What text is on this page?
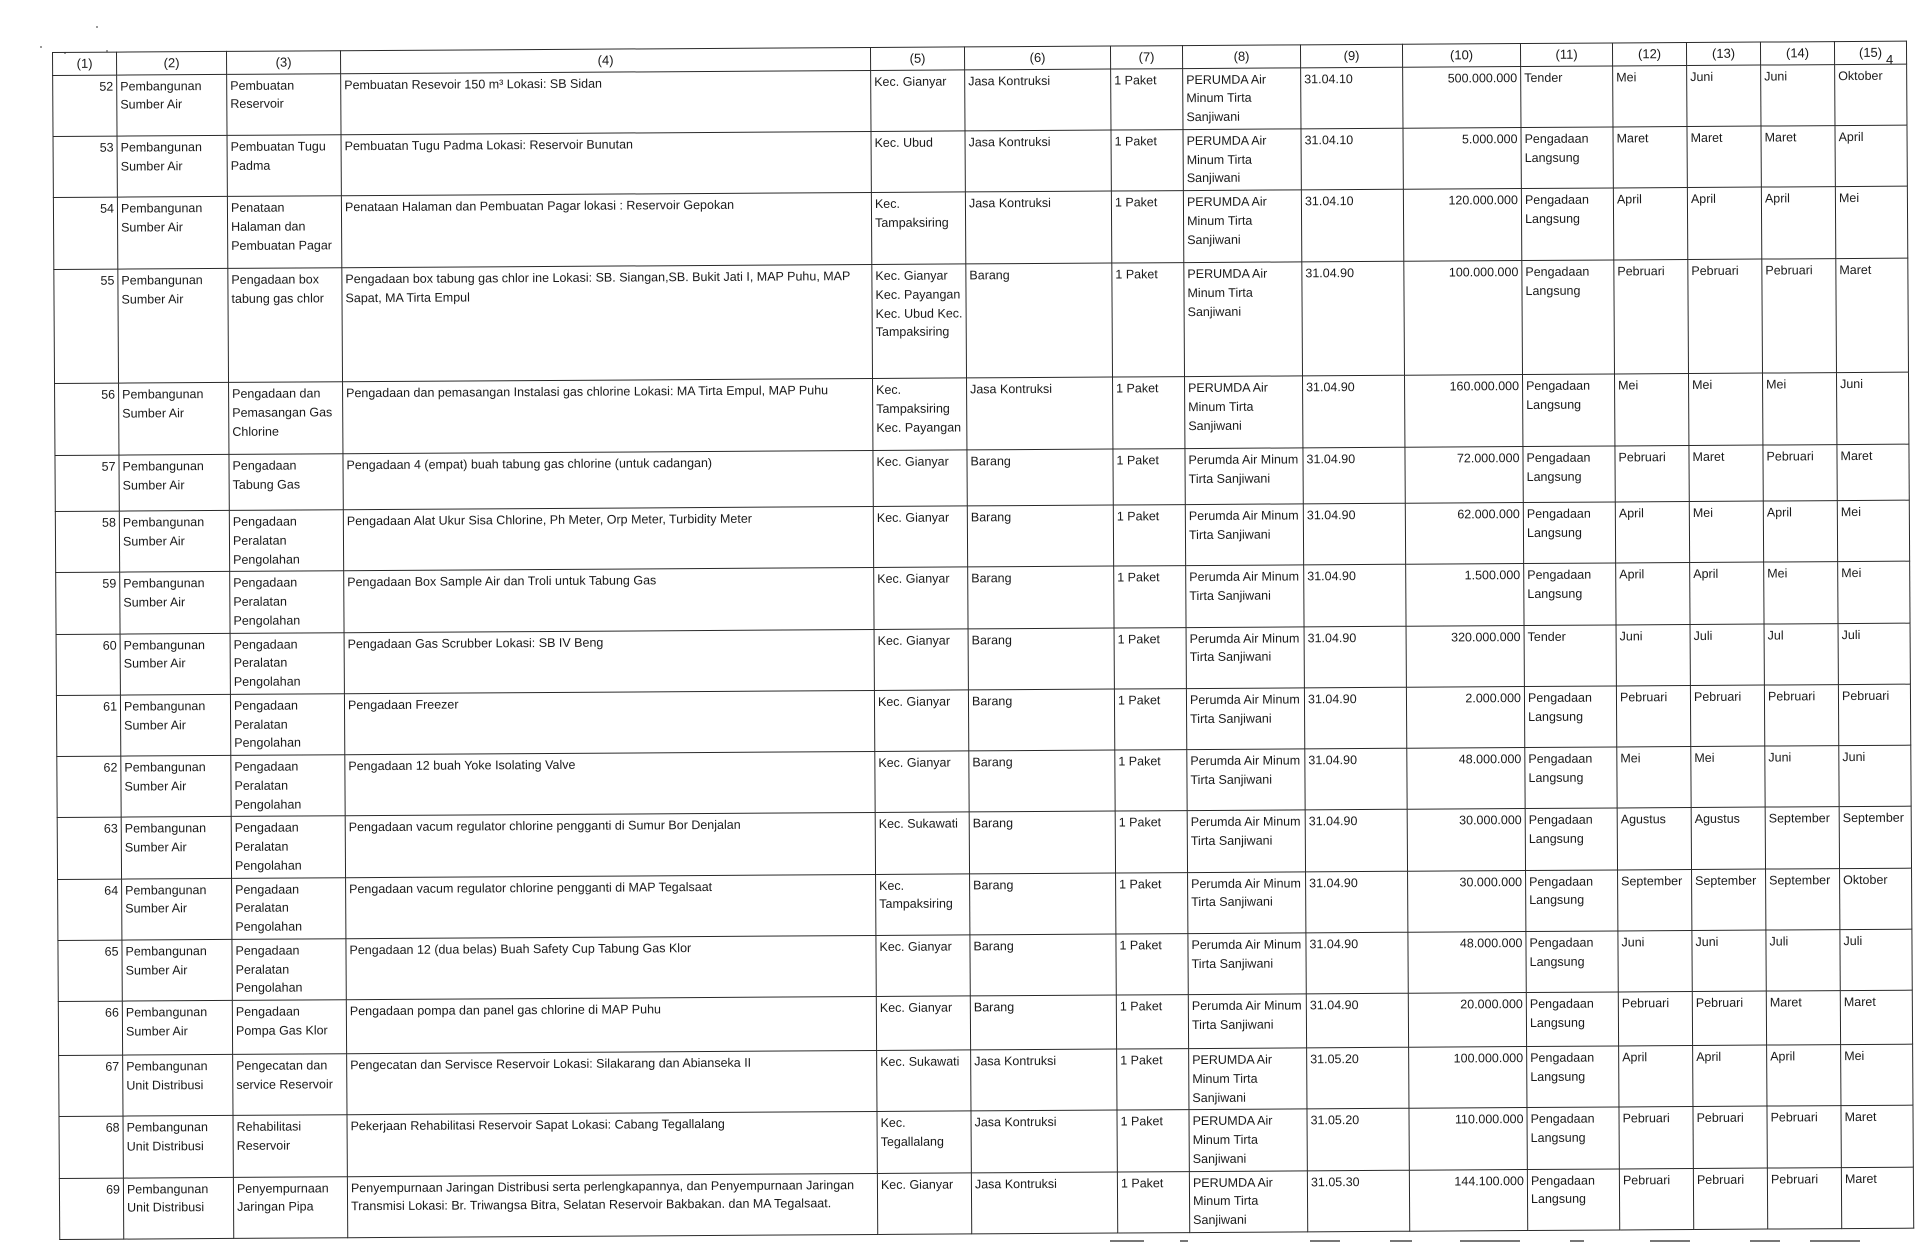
4
(1)	(2)	(3)	(4)	(5)	(6)	(7)	(8)	(9)	(10)	(11)	(12)	(13)	(14)	(15)
52	Pembangunan Sumber Air	Pembuatan Reservoir	Pembuatan Resevoir 150 m³ Lokasi: SB Sidan	Kec. Gianyar	Jasa Kontruksi	1 Paket	PERUMDA Air Minum Tirta Sanjiwani	31.04.10	500.000.000	Tender	Mei	Juni	Juni	Oktober
53	Pembangunan Sumber Air	Pembuatan Tugu Padma	Pembuatan Tugu Padma Lokasi: Reservoir Bunutan	Kec. Ubud	Jasa Kontruksi	1 Paket	PERUMDA Air Minum Tirta Sanjiwani	31.04.10	5.000.000	Pengadaan Langsung	Maret	Maret	Maret	April
54	Pembangunan Sumber Air	Penataan Halaman dan Pembuatan Pagar	Penataan Halaman dan Pembuatan Pagar lokasi : Reservoir Gepokan	Kec. Tampaksiring	Jasa Kontruksi	1 Paket	PERUMDA Air Minum Tirta Sanjiwani	31.04.10	120.000.000	Pengadaan Langsung	April	April	April	Mei
55	Pembangunan Sumber Air	Pengadaan box tabung gas chlor	Pengadaan box tabung gas chlor ine Lokasi: SB. Siangan,SB. Bukit Jati I, MAP Puhu, MAP Sapat, MA Tirta Empul	Kec. Gianyar Kec. Payangan Kec. Ubud Kec. Tampaksiring	Barang	1 Paket	PERUMDA Air Minum Tirta Sanjiwani	31.04.90	100.000.000	Pengadaan Langsung	Pebruari	Pebruari	Pebruari	Maret
56	Pembangunan Sumber Air	Pengadaan dan Pemasangan Gas Chlorine	Pengadaan dan pemasangan Instalasi gas chlorine Lokasi: MA Tirta Empul, MAP Puhu	Kec. Tampaksiring Kec. Payangan	Jasa Kontruksi	1 Paket	PERUMDA Air Minum Tirta Sanjiwani	31.04.90	160.000.000	Pengadaan Langsung	Mei	Mei	Mei	Juni
57	Pembangunan Sumber Air	Pengadaan Tabung Gas	Pengadaan 4 (empat) buah tabung gas chlorine (untuk cadangan)	Kec. Gianyar	Barang	1 Paket	Perumda Air Minum Tirta Sanjiwani	31.04.90	72.000.000	Pengadaan Langsung	Pebruari	Maret	Pebruari	Maret
58	Pembangunan Sumber Air	Pengadaan Peralatan Pengolahan	Pengadaan Alat Ukur Sisa Chlorine, Ph Meter, Orp Meter, Turbidity Meter	Kec. Gianyar	Barang	1 Paket	Perumda Air Minum Tirta Sanjiwani	31.04.90	62.000.000	Pengadaan Langsung	April	Mei	April	Mei
59	Pembangunan Sumber Air	Pengadaan Peralatan Pengolahan	Pengadaan Box Sample Air dan Troli untuk Tabung Gas	Kec. Gianyar	Barang	1 Paket	Perumda Air Minum Tirta Sanjiwani	31.04.90	1.500.000	Pengadaan Langsung	April	April	Mei	Mei
60	Pembangunan Sumber Air	Pengadaan Peralatan Pengolahan	Pengadaan Gas Scrubber Lokasi: SB IV Beng	Kec. Gianyar	Barang	1 Paket	Perumda Air Minum Tirta Sanjiwani	31.04.90	320.000.000	Tender	Juni	Juli	Jul	Juli
61	Pembangunan Sumber Air	Pengadaan Peralatan Pengolahan	Pengadaan Freezer	Kec. Gianyar	Barang	1 Paket	Perumda Air Minum Tirta Sanjiwani	31.04.90	2.000.000	Pengadaan Langsung	Pebruari	Pebruari	Pebruari	Pebruari
62	Pembangunan Sumber Air	Pengadaan Peralatan Pengolahan	Pengadaan 12 buah Yoke Isolating Valve	Kec. Gianyar	Barang	1 Paket	Perumda Air Minum Tirta Sanjiwani	31.04.90	48.000.000	Pengadaan Langsung	Mei	Mei	Juni	Juni
63	Pembangunan Sumber Air	Pengadaan Peralatan Pengolahan	Pengadaan vacum regulator chlorine pengganti di Sumur Bor Denjalan	Kec. Sukawati	Barang	1 Paket	Perumda Air Minum Tirta Sanjiwani	31.04.90	30.000.000	Pengadaan Langsung	Agustus	Agustus	September	September
64	Pembangunan Sumber Air	Pengadaan Peralatan Pengolahan	Pengadaan vacum regulator chlorine pengganti di MAP Tegalsaat	Kec. Tampaksiring	Barang	1 Paket	Perumda Air Minum Tirta Sanjiwani	31.04.90	30.000.000	Pengadaan Langsung	September	September	September	Oktober
65	Pembangunan Sumber Air	Pengadaan Peralatan Pengolahan	Pengadaan 12 (dua belas) Buah Safety Cup Tabung Gas Klor	Kec. Gianyar	Barang	1 Paket	Perumda Air Minum Tirta Sanjiwani	31.04.90	48.000.000	Pengadaan Langsung	Juni	Juni	Juli	Juli
66	Pembangunan Sumber Air	Pengadaan Pompa Gas Klor	Pengadaan pompa dan panel gas chlorine di MAP Puhu	Kec. Gianyar	Barang	1 Paket	Perumda Air Minum Tirta Sanjiwani	31.04.90	20.000.000	Pengadaan Langsung	Pebruari	Pebruari	Maret	Maret
67	Pembangunan Unit Distribusi	Pengecatan dan service Reservoir	Pengecatan dan Servisce Reservoir Lokasi: Silakarang dan Abianseka II	Kec. Sukawati	Jasa Kontruksi	1 Paket	PERUMDA Air Minum Tirta Sanjiwani	31.05.20	100.000.000	Pengadaan Langsung	April	April	April	Mei
68	Pembangunan Unit Distribusi	Rehabilitasi Reservoir	Pekerjaan Rehabilitasi Reservoir Sapat Lokasi: Cabang Tegallalang	Kec. Tegallalang	Jasa Kontruksi	1 Paket	PERUMDA Air Minum Tirta Sanjiwani	31.05.20	110.000.000	Pengadaan Langsung	Pebruari	Pebruari	Pebruari	Maret
69	Pembangunan Unit Distribusi	Penyempurnaan Jaringan Pipa	Penyempurnaan Jaringan Distribusi serta perlengkapannya, dan Penyempurnaan Jaringan Transmisi Lokasi: Br. Triwangsa Bitra, Selatan Reservoir Bakbakan. dan MA Tegalsaat.	Kec. Gianyar	Jasa Kontruksi	1 Paket	PERUMDA Air Minum Tirta Sanjiwani	31.05.30	144.100.000	Pengadaan Langsung	Pebruari	Pebruari	Pebruari	Maret
